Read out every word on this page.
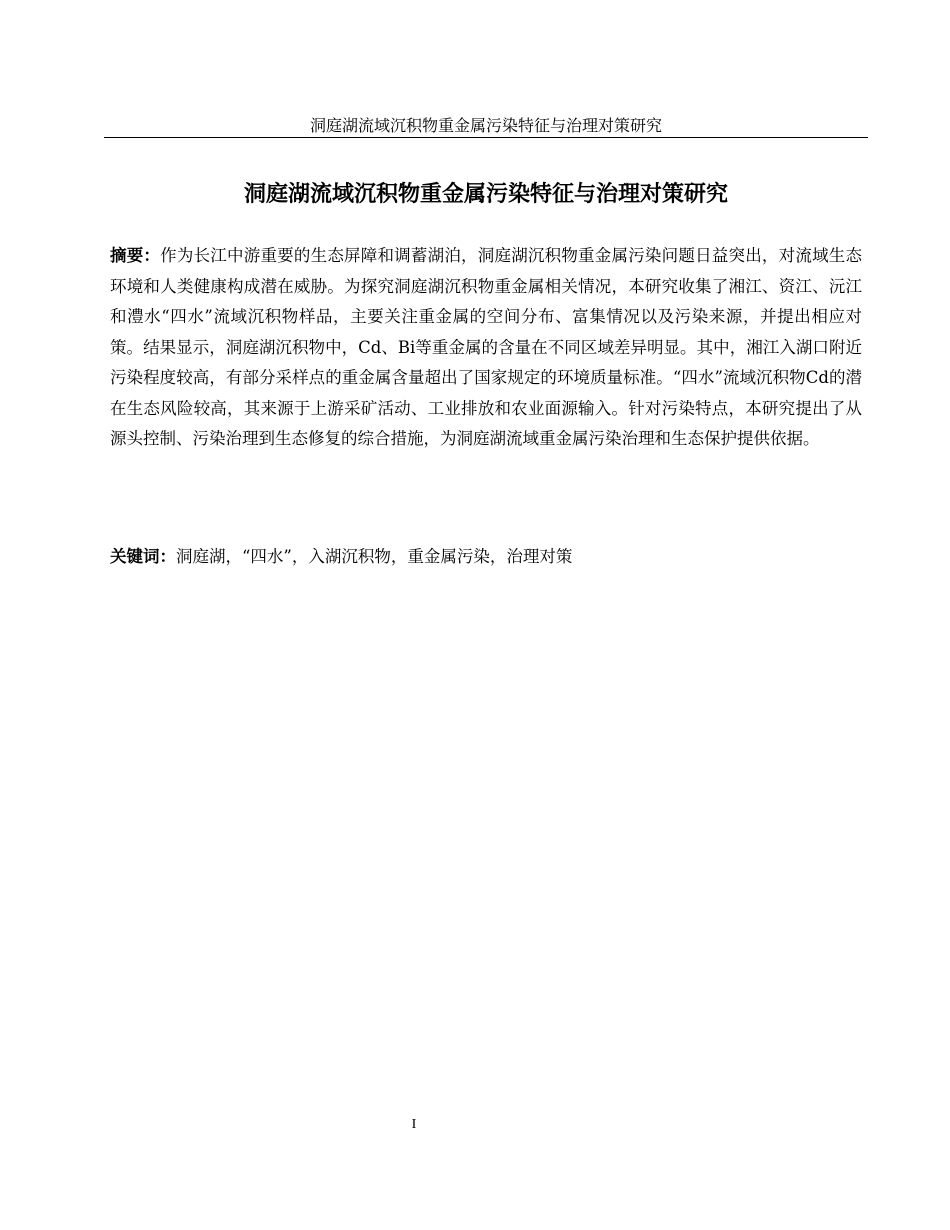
洞庭湖流域沉积物重金属污染特征与治理对策研究
洞庭湖流域沉积物重金属污染特征与治理对策研究
摘要：作为长江中游重要的生态屏障和调蓄湖泊，洞庭湖沉积物重金属污染问题日益突出，对流域生态环境和人类健康构成潜在威胁。为探究洞庭湖沉积物重金属相关情况，本研究收集了湘江、资江、沅江和澧水“四水”流域沉积物样品，主要关注重金属的空间分布、富集情况以及污染来源，并提出相应对策。结果显示，洞庭湖沉积物中，Cd、Bi等重金属的含量在不同区域差异明显。其中，湘江入湖口附近污染程度较高，有部分采样点的重金属含量超出了国家规定的环境质量标准。“四水”流域沉积物Cd的潜在生态风险较高，其来源于上游采矿活动、工业排放和农业面源输入。针对污染特点，本研究提出了从源头控制、污染治理到生态修复的综合措施，为洞庭湖流域重金属污染治理和生态保护提供依据。
关键词：洞庭湖，“四水”，入湖沉积物，重金属污染，治理对策
I
